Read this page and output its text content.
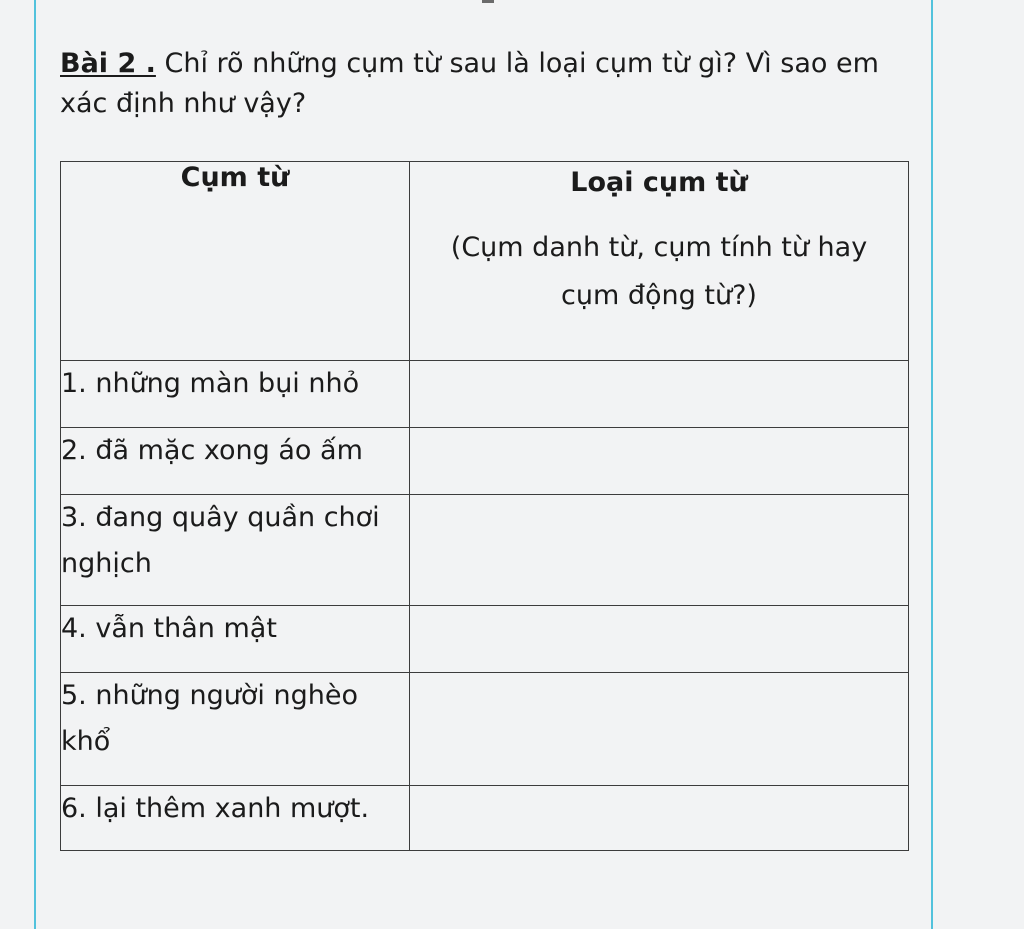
Bài 2 . Chỉ rõ những cụm từ sau là loại cụm từ gì? Vì sao em xác định như vậy?

Cụm từ	Loại cụm từ
(Cụm danh từ, cụm tính từ hay cụm động từ?)

1. những màn bụi nhỏ	
2. đã mặc xong áo ấm	
3. đang quây quần chơi nghịch	
4. vẫn thân mật	
5. những người nghèo khổ	
6. lại thêm xanh mượt.	
